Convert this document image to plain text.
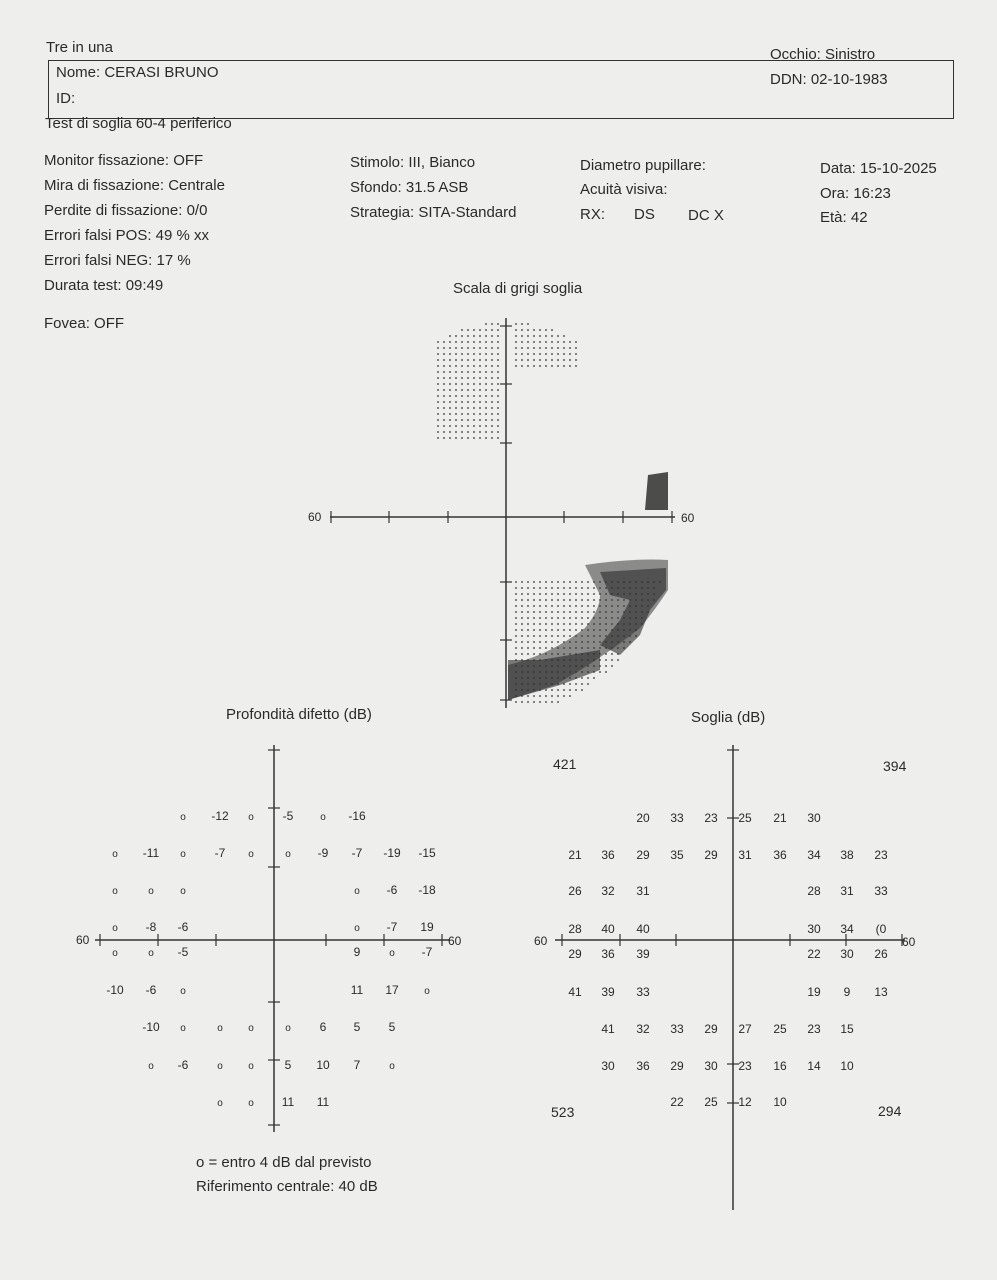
Tre in una	Occhio: Sinistro
Nome: CERASI BRUNO	DDN: 02-10-1983
ID:
Test di soglia 60-4 periferico
Monitor fissazione: OFF
Mira di fissazione: Centrale
Perdite di fissazione: 0/0
Errori falsi POS: 49 % xx
Errori falsi NEG: 17 %
Durata test: 09:49
Fovea: OFF
Stimolo: III, Bianco
Sfondo: 31.5 ASB
Strategia: SITA-Standard
Diametro pupillare:
Acuità visiva:
RX: DS DC X
Data: 15-10-2025
Ora: 16:23
Età: 42
Scala di grigi soglia
60	60
Profondità difetto (dB)
60	60
o -12 o -5	o -16
o -11 o -7 o	o -9 -7 -19 -15
o	o	o	o -6 -18
o -8 -6	o -7 19
o	o -5	9	o -7
-10 -6 o	11 17	o
-10 o	o	o	o 6 5 5
o -6	o	o	5 10 7	o
o	o 11 11
Soglia (dB)
60	60
421	394
523	294
20 33 23 25 21 30
21 36 29 35 29 31 36 34 38 23
26 32 31	28 31 33
28 40 40	30 34 (0
29 36 39	22 30 26
41 39 33	19 9 13
41 32 33 29 27 25 23 15
30 36 29 30 23 16 14 10
22 25 12 10
o = entro 4 dB dal previsto
Riferimento centrale: 40 dB
